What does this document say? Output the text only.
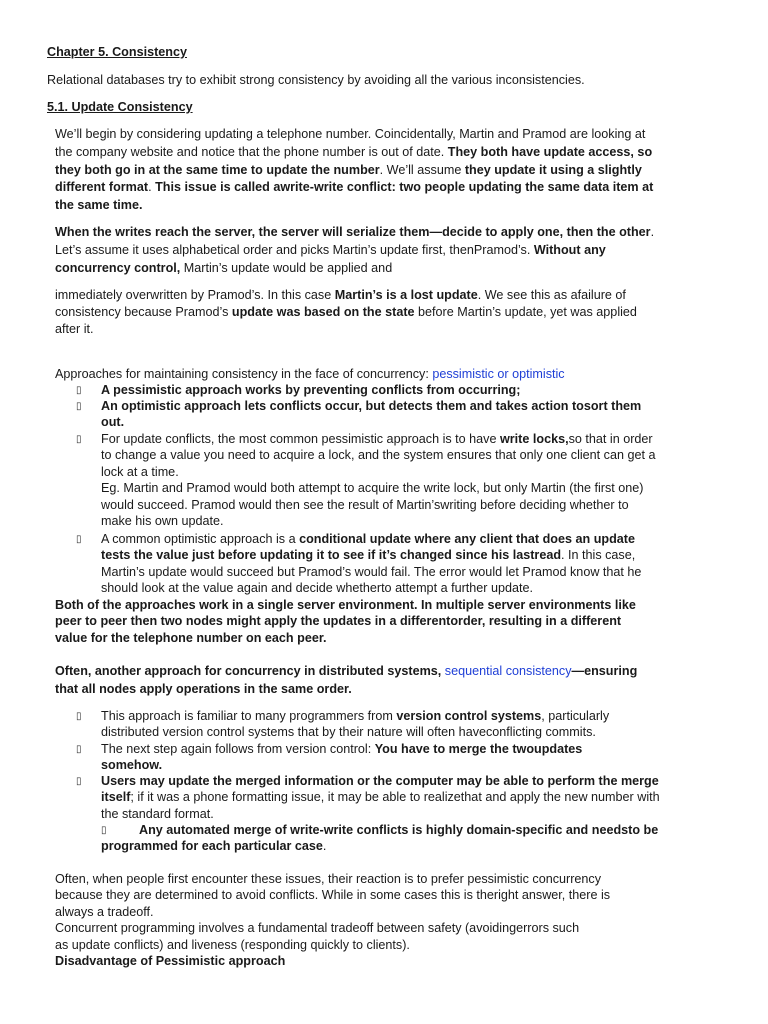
Chapter 5. Consistency
Relational databases try to exhibit strong consistency by avoiding all the various inconsistencies.
5.1. Update Consistency

We’ll begin by considering updating a telephone number. Coincidentally, Martin and Pramod are looking at the company website and notice that the phone number is out of date. They both have update access, so they both go in at the same time to update the number. We’ll assume they update it using a slightly different format. This issue is called awrite-write conflict: two people updating the same data item at the same time.

When the writes reach the server, the server will serialize them—decide to apply one, then the other. Let’s assume it uses alphabetical order and picks Martin’s update first, thenPramod’s. Without any concurrency control, Martin’s update would be applied and

immediately overwritten by Pramod’s. In this case Martin’s is a lost update. We see this as afailure of consistency because Pramod’s update was based on the state before Martin’s update, yet was applied after it.

Approaches for maintaining consistency in the face of concurrency: pessimistic or optimistic

▯ A pessimistic approach works by preventing conflicts from occurring;
▯ An optimistic approach lets conflicts occur, but detects them and takes action tosort them out.
▯ For update conflicts, the most common pessimistic approach is to have write locks,so that in order to change a value you need to acquire a lock, and the system ensures that only one client can get a lock at a time.
Eg. Martin and Pramod would both attempt to acquire the write lock, but only Martin (the first one) would succeed. Pramod would then see the result of Martin’swriting before deciding whether to make his own update.
▯ A common optimistic approach is a conditional update where any client that does an update tests the value just before updating it to see if it’s changed since his lastread. In this case, Martin’s update would succeed but Pramod’s would fail. The error would let Pramod know that he should look at the value again and decide whetherto attempt a further update.

Both of the approaches work in a single server environment. In multiple server environments like peer to peer then two nodes might apply the updates in a differentorder, resulting in a different value for the telephone number on each peer.

Often, another approach for concurrency in distributed systems, sequential consistency—ensuring that all nodes apply operations in the same order.

▯ This approach is familiar to many programmers from version control systems, particularly distributed version control systems that by their nature will often haveconflicting commits.
▯ The next step again follows from version control: You have to merge the twoupdates somehow.
▯ Users may update the merged information or the computer may be able to perform the merge itself; if it was a phone formatting issue, it may be able to realizethat and apply the new number with the standard format.
▯	Any automated merge of write-write conflicts is highly domain-specific and needsto be programmed for each particular case.
Often, when people first encounter these issues, their reaction is to prefer pessimistic concurrency
because they are determined to avoid conflicts. While in some cases this is theright answer, there is
always a tradeoff.
Concurrent programming involves a fundamental tradeoff between safety (avoidingerrors such
as update conflicts) and liveness (responding quickly to clients).
Disadvantage of Pessimistic approach
